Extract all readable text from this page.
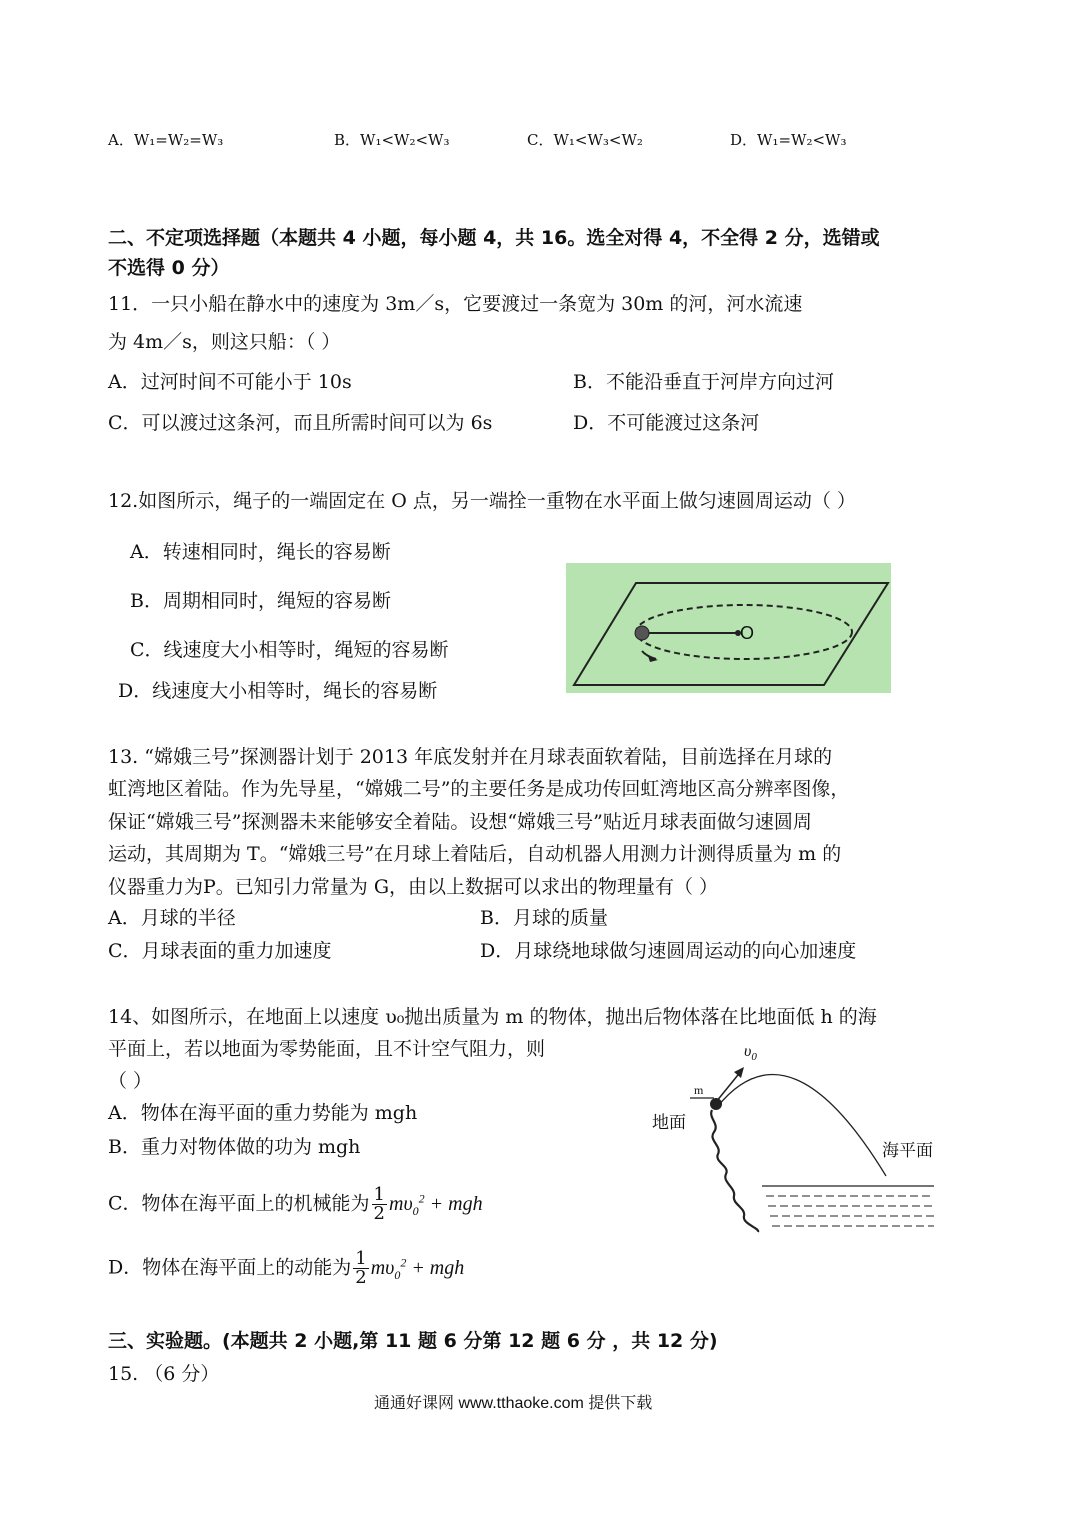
A．W₁=W₂=W₃	B．W₁<W₂<W₃	C．W₁<W₃<W₂	D．W₁=W₂<W₃
二、不定项选择题（本题共 4 小题，每小题 4，共 16。选全对得 4，不全得 2 分，选错或
不选得 0 分）
11．一只小船在静水中的速度为 3m／s，它要渡过一条宽为 30m 的河，河水流速
为 4m／s，则这只船：（ ）
A．过河时间不可能小于 10s	B．不能沿垂直于河岸方向过河
C．可以渡过这条河，而且所需时间可以为 6s	D．不可能渡过这条河
12.如图所示，绳子的一端固定在 O 点，另一端拴一重物在水平面上做匀速圆周运动（ ）
A．转速相同时，绳长的容易断
B．周期相同时，绳短的容易断
C．线速度大小相等时，绳短的容易断
D．线速度大小相等时，绳长的容易断
O
13. “嫦娥三号”探测器计划于 2013 年底发射并在月球表面软着陆，目前选择在月球的
虹湾地区着陆。作为先导星，“嫦娥二号”的主要任务是成功传回虹湾地区高分辨率图像，
保证“嫦娥三号”探测器未来能够安全着陆。设想“嫦娥三号”贴近月球表面做匀速圆周
运动，其周期为 T。“嫦娥三号”在月球上着陆后，自动机器人用测力计测得质量为 m 的
仪器重力为P。已知引力常量为 G，由以上数据可以求出的物理量有（ ）
A．月球的半径	B．月球的质量
C．月球表面的重力加速度	D．月球绕地球做匀速圆周运动的向心加速度
14、如图所示，在地面上以速度 υ₀抛出质量为 m 的物体，抛出后物体落在比地面低 h 的海
平面上，若以地面为零势能面，且不计空气阻力，则
（ ）
A．物体在海平面的重力势能为 mgh
B．重力对物体做的功为 mgh
C．物体在海平面上的机械能为 $\frac{1}{2} m\upsilon_0^2$ + mgh
D．物体在海平面上的动能为 $\frac{1}{2} m\upsilon_0^2$ + mgh
地面
海平面
m
$\upsilon_0$
三、实验题。(本题共 2 小题,第 11 题 6 分第 12 题 6 分 ，共 12 分)
15. （6 分）
通通好课网 www.tthaoke.com 提供下载
